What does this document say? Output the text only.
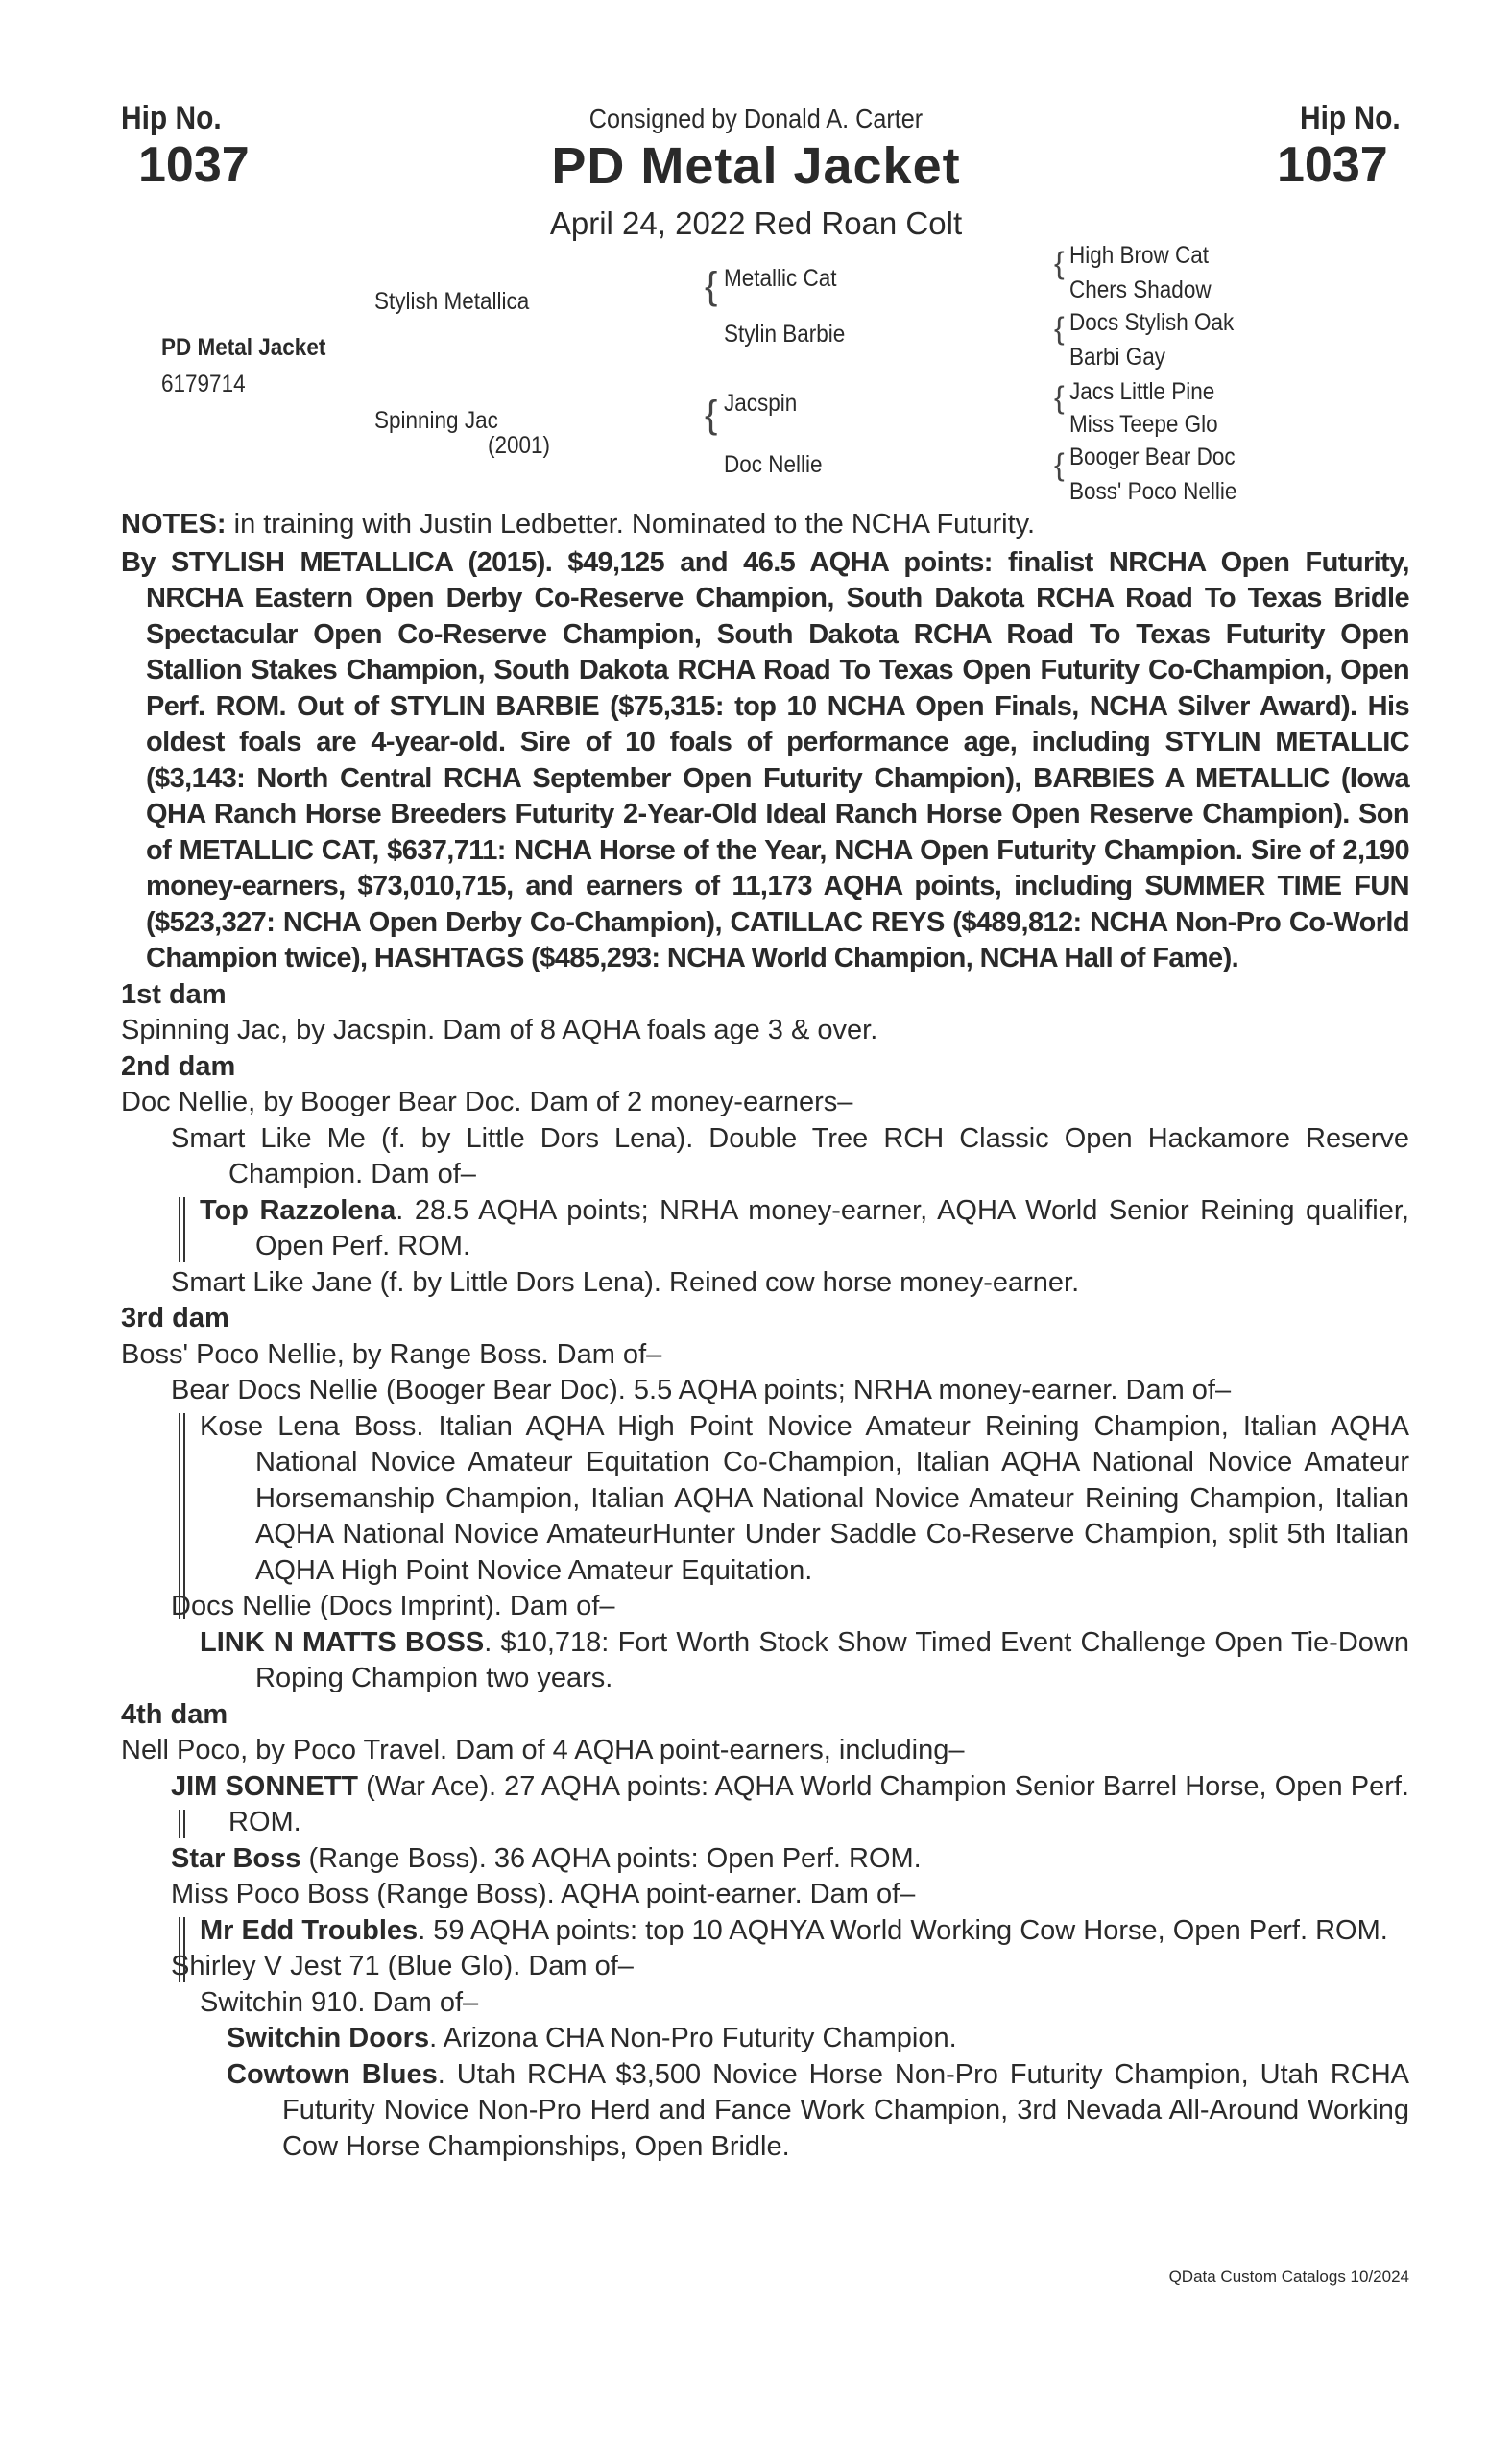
Hip No.
1037
Hip No.
1037
Consigned by Donald A. Carter
PD Metal Jacket
April 24, 2022 Red Roan Colt
PD Metal Jacket
6179714
Stylish Metallica
Spinning Jac
(2001)
{ Metallic Cat
Stylin Barbie
{ Jacspin
Doc Nellie
{ High Brow Cat
Chers Shadow
{ Docs Stylish Oak
Barbi Gay
{ Jacs Little Pine
Miss Teepe Glo
{ Booger Bear Doc
Boss' Poco Nellie

NOTES: in training with Justin Ledbetter. Nominated to the NCHA Futurity.

By STYLISH METALLICA (2015). $49,125 and 46.5 AQHA points: finalist NRCHA Open Futurity, NRCHA Eastern Open Derby Co-Reserve Champion, South Dakota RCHA Road To Texas Bridle Spectacular Open Co-Reserve Champion, South Dakota RCHA Road To Texas Futurity Open Stallion Stakes Champion, South Dakota RCHA Road To Texas Open Futurity Co-Champion, Open Perf. ROM. Out of STYLIN BARBIE ($75,315: top 10 NCHA Open Finals, NCHA Silver Award). His oldest foals are 4-year-old. Sire of 10 foals of performance age, including STYLIN METALLIC ($3,143: North Central RCHA September Open Futurity Champion), BARBIES A METALLIC (Iowa QHA Ranch Horse Breeders Futurity 2-Year-Old Ideal Ranch Horse Open Reserve Champion). Son of METALLIC CAT, $637,711: NCHA Horse of the Year, NCHA Open Futurity Champion. Sire of 2,190 money-earners, $73,010,715, and earners of 11,173 AQHA points, including SUMMER TIME FUN ($523,327: NCHA Open Derby Co-Champion), CATILLAC REYS ($489,812: NCHA Non-Pro Co-World Champion twice), HASHTAGS ($485,293: NCHA World Champion, NCHA Hall of Fame).

1st dam

Spinning Jac, by Jacspin. Dam of 8 AQHA foals age 3 & over.

2nd dam

Doc Nellie, by Booger Bear Doc. Dam of 2 money-earners–

Smart Like Me (f. by Little Dors Lena). Double Tree RCH Classic Open Hackamore Reserve Champion. Dam of–

Top Razzolena. 28.5 AQHA points; NRHA money-earner, AQHA World Senior Reining qualifier, Open Perf. ROM.

Smart Like Jane (f. by Little Dors Lena). Reined cow horse money-earner.

3rd dam

Boss' Poco Nellie, by Range Boss. Dam of–

Bear Docs Nellie (Booger Bear Doc). 5.5 AQHA points; NRHA money-earner. Dam of–

Kose Lena Boss. Italian AQHA High Point Novice Amateur Reining Champion, Italian AQHA National Novice Amateur Equitation Co-Champion, Italian AQHA National Novice Amateur Horsemanship Champion, Italian AQHA National Novice Amateur Reining Champion, Italian AQHA National Novice AmateurHunter Under Saddle Co-Reserve Champion, split 5th Italian AQHA High Point Novice Amateur Equitation.

Docs Nellie (Docs Imprint). Dam of–

LINK N MATTS BOSS. $10,718: Fort Worth Stock Show Timed Event Challenge Open Tie-Down Roping Champion two years.

4th dam

Nell Poco, by Poco Travel. Dam of 4 AQHA point-earners, including–

JIM SONNETT (War Ace). 27 AQHA points: AQHA World Champion Senior Barrel Horse, Open Perf. ROM.

Star Boss (Range Boss). 36 AQHA points: Open Perf. ROM.

Miss Poco Boss (Range Boss). AQHA point-earner. Dam of–

Mr Edd Troubles. 59 AQHA points: top 10 AQHYA World Working Cow Horse, Open Perf. ROM.

Shirley V Jest 71 (Blue Glo). Dam of–

Switchin 910. Dam of–

Switchin Doors. Arizona CHA Non-Pro Futurity Champion.

Cowtown Blues. Utah RCHA $3,500 Novice Horse Non-Pro Futurity Champion, Utah RCHA Futurity Novice Non-Pro Herd and Fance Work Champion, 3rd Nevada All-Around Working Cow Horse Championships, Open Bridle.

QData Custom Catalogs 10/2024
